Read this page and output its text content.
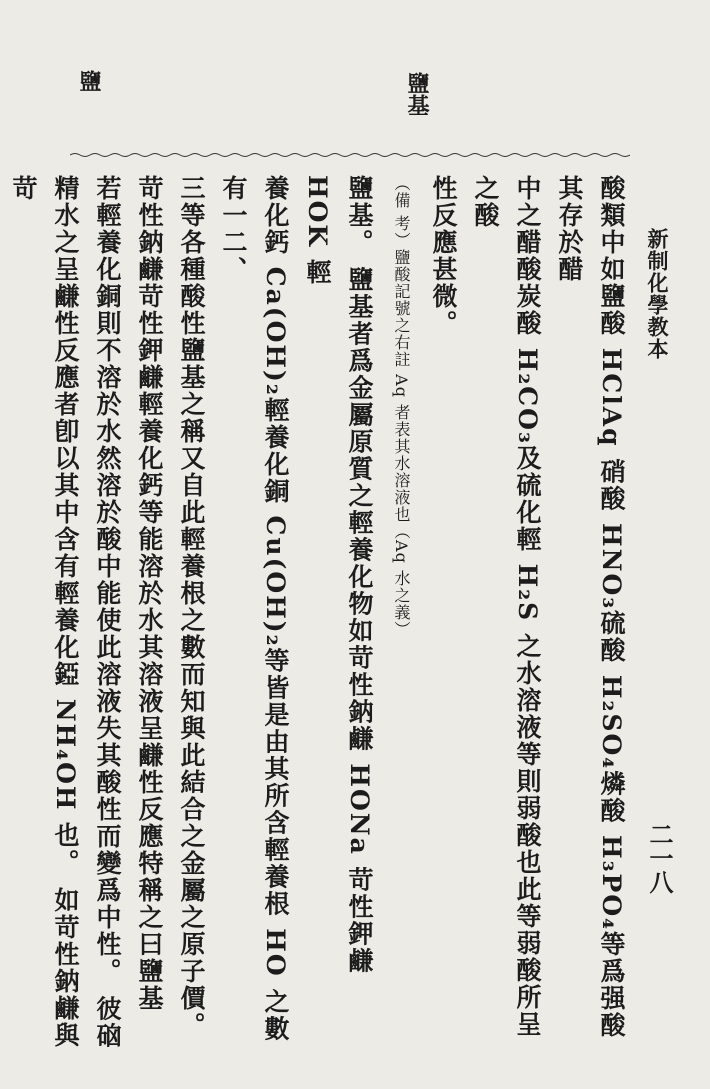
新制化學教本
二一八
鹽基
鹽

酸類中如鹽酸 HClAq 硝酸 HNO₃硫酸 H₂SO₄燐酸 H₃PO₄等爲强酸其存於醋

中之醋酸炭酸 H₂CO₃及硫化輕 H₂S 之水溶液等則弱酸也此等弱酸所呈之酸

性反應甚微。

（備 考）鹽酸記號之右註 Aq 者表其水溶液也（Aq 水之義）

鹽基。 鹽基者爲金屬原質之輕養化物如苛性鈉鹻 HONa 苛性鉀鹻 HOK 輕

養化鈣 Ca(OH)₂輕養化銅 Cu(OH)₂等皆是由其所含輕養根 HO 之數有一二、

三等各種酸性鹽基之稱又自此輕養根之數而知與此結合之金屬之原子價。

苛性鈉鹻苛性鉀鹻輕養化鈣等能溶於水其溶液呈鹻性反應特稱之曰鹽基

若輕養化銅則不溶於水然溶於酸中能使此溶液失其酸性而變爲中性。 彼硇

精水之呈鹻性反應者卽以其中含有輕養化錏 NH₄OH 也。 如苛性鈉鹻與苛
